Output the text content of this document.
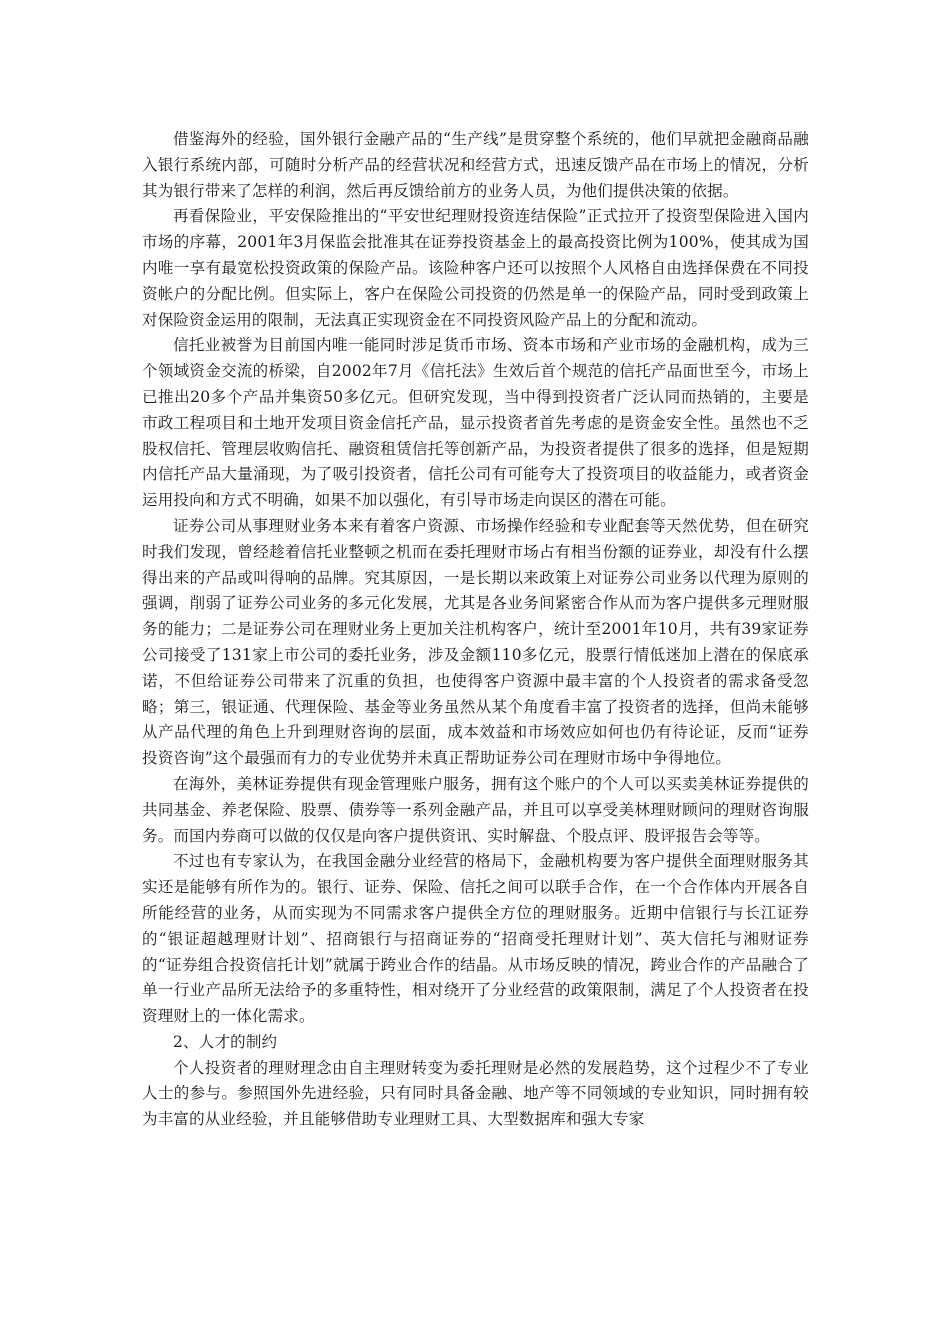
借鉴海外的经验，国外银行金融产品的“生产线”是贯穿整个系统的，他们早就把金融商品融入银行系统内部，可随时分析产品的经营状况和经营方式，迅速反馈产品在市场上的情况，分析其为银行带来了怎样的利润，然后再反馈给前方的业务人员，为他们提供决策的依据。

再看保险业，平安保险推出的“平安世纪理财投资连结保险”正式拉开了投资型保险进入国内市场的序幕，2001年3月保监会批准其在证券投资基金上的最高投资比例为100%，使其成为国内唯一享有最宽松投资政策的保险产品。该险种客户还可以按照个人风格自由选择保费在不同投资帐户的分配比例。但实际上，客户在保险公司投资的仍然是单一的保险产品，同时受到政策上对保险资金运用的限制，无法真正实现资金在不同投资风险产品上的分配和流动。

信托业被誉为目前国内唯一能同时涉足货币市场、资本市场和产业市场的金融机构，成为三个领域资金交流的桥梁，自2002年7月《信托法》生效后首个规范的信托产品面世至今，市场上已推出20多个产品并集资50多亿元。但研究发现，当中得到投资者广泛认同而热销的，主要是市政工程项目和土地开发项目资金信托产品，显示投资者首先考虑的是资金安全性。虽然也不乏股权信托、管理层收购信托、融资租赁信托等创新产品，为投资者提供了很多的选择，但是短期内信托产品大量涌现，为了吸引投资者，信托公司有可能夸大了投资项目的收益能力，或者资金运用投向和方式不明确，如果不加以强化，有引导市场走向误区的潜在可能。

证券公司从事理财业务本来有着客户资源、市场操作经验和专业配套等天然优势，但在研究时我们发现，曾经趁着信托业整顿之机而在委托理财市场占有相当份额的证券业，却没有什么摆得出来的产品或叫得响的品牌。究其原因，一是长期以来政策上对证券公司业务以代理为原则的强调，削弱了证券公司业务的多元化发展，尤其是各业务间紧密合作从而为客户提供多元理财服务的能力；二是证券公司在理财业务上更加关注机构客户，统计至2001年10月，共有39家证券公司接受了131家上市公司的委托业务，涉及金额110多亿元，股票行情低迷加上潜在的保底承诺，不但给证券公司带来了沉重的负担，也使得客户资源中最丰富的个人投资者的需求备受忽略；第三，银证通、代理保险、基金等业务虽然从某个角度看丰富了投资者的选择，但尚未能够从产品代理的角色上升到理财咨询的层面，成本效益和市场效应如何也仍有待论证，反而“证券投资咨询”这个最强而有力的专业优势并未真正帮助证券公司在理财市场中争得地位。

在海外，美林证券提供有现金管理账户服务，拥有这个账户的个人可以买卖美林证券提供的共同基金、养老保险、股票、债券等一系列金融产品，并且可以享受美林理财顾问的理财咨询服务。而国内券商可以做的仅仅是向客户提供资讯、实时解盘、个股点评、股评报告会等等。

不过也有专家认为，在我国金融分业经营的格局下，金融机构要为客户提供全面理财服务其实还是能够有所作为的。银行、证券、保险、信托之间可以联手合作，在一个合作体内开展各自所能经营的业务，从而实现为不同需求客户提供全方位的理财服务。近期中信银行与长江证券的“银证超越理财计划”、招商银行与招商证券的“招商受托理财计划”、英大信托与湘财证券的“证券组合投资信托计划”就属于跨业合作的结晶。从市场反映的情况，跨业合作的产品融合了单一行业产品所无法给予的多重特性，相对绕开了分业经营的政策限制，满足了个人投资者在投资理财上的一体化需求。

2、人才的制约

个人投资者的理财理念由自主理财转变为委托理财是必然的发展趋势，这个过程少不了专业人士的参与。参照国外先进经验，只有同时具备金融、地产等不同领域的专业知识，同时拥有较为丰富的从业经验，并且能够借助专业理财工具、大型数据库和强大专家
